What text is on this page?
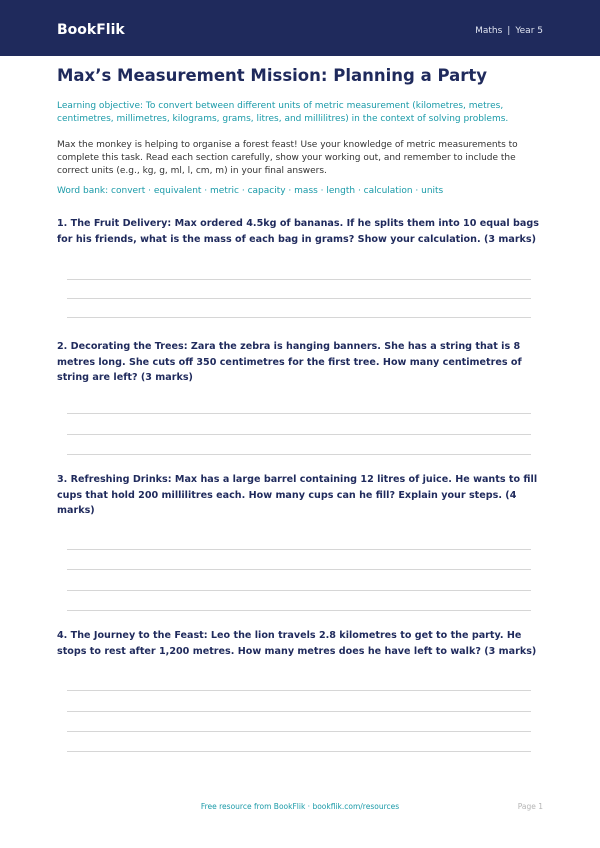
BookFlik	Maths | Year 5
Max’s Measurement Mission: Planning a Party

Learning objective: To convert between different units of metric measurement (kilometres, metres, centimetres, millimetres, kilograms, grams, litres, and millilitres) in the context of solving problems.

Max the monkey is helping to organise a forest feast! Use your knowledge of metric measurements to complete this task. Read each section carefully, show your working out, and remember to include the correct units (e.g., kg, g, ml, l, cm, m) in your final answers.

Word bank: convert · equivalent · metric · capacity · mass · length · calculation · units

1. The Fruit Delivery: Max ordered 4.5kg of bananas. If he splits them into 10 equal bags for his friends, what is the mass of each bag in grams? Show your calculation. (3 marks)

2. Decorating the Trees: Zara the zebra is hanging banners. She has a string that is 8 metres long. She cuts off 350 centimetres for the first tree. How many centimetres of string are left? (3 marks)

3. Refreshing Drinks: Max has a large barrel containing 12 litres of juice. He wants to fill cups that hold 200 millilitres each. How many cups can he fill? Explain your steps. (4 marks)

4. The Journey to the Feast: Leo the lion travels 2.8 kilometres to get to the party. He stops to rest after 1,200 metres. How many metres does he have left to walk? (3 marks)

Free resource from BookFlik · bookflik.com/resources	Page 1
